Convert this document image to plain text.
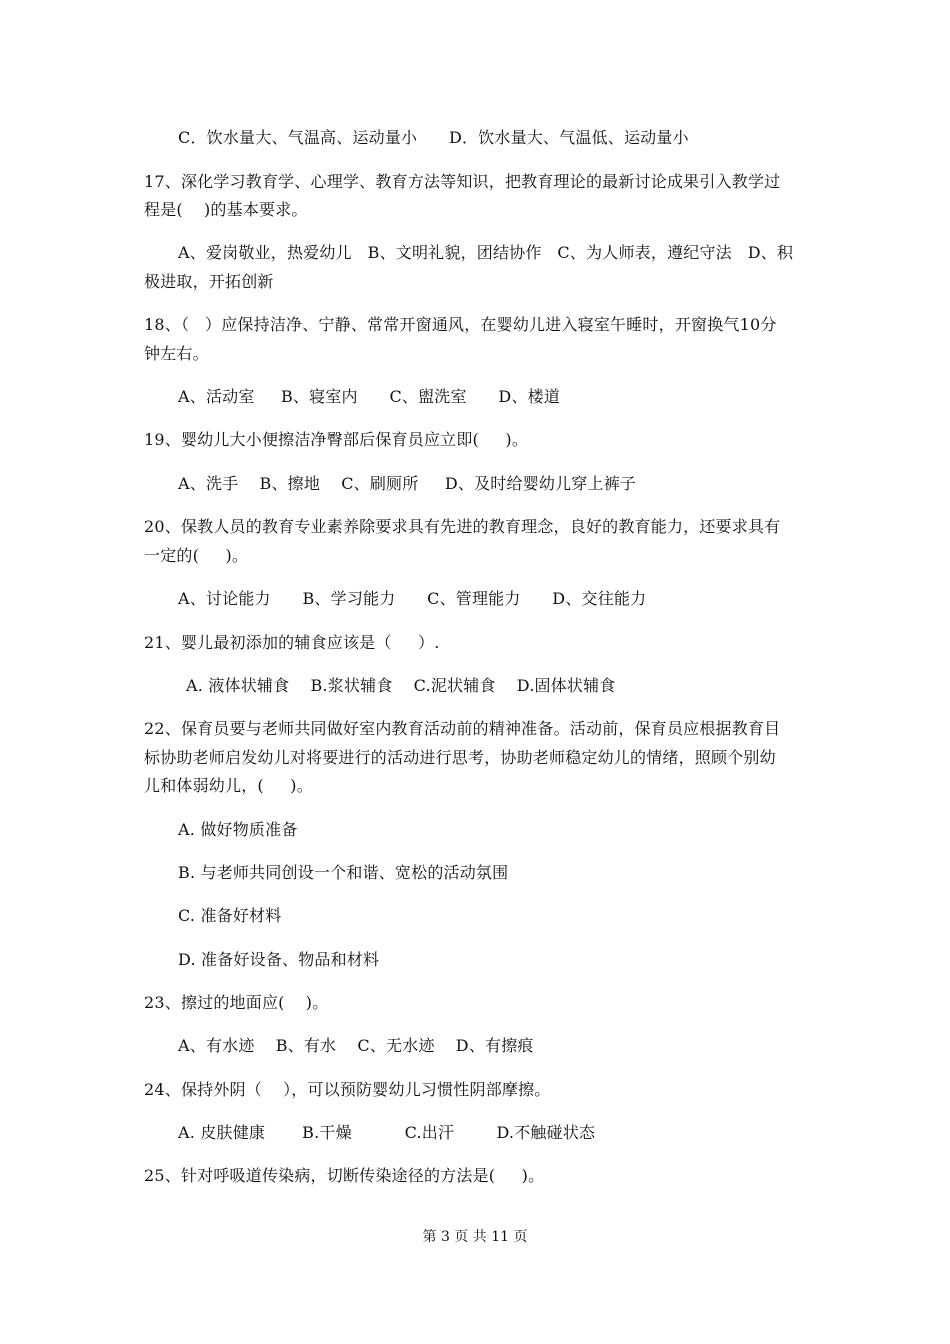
C．饮水量大、气温高、运动量小      D．饮水量大、气温低、运动量小
17、深化学习教育学、心理学、教育方法等知识，把教育理论的最新讨论成果引入教学过
程是(    )的基本要求。
A、爱岗敬业，热爱幼儿   B、文明礼貌，团结协作   C、为人师表，遵纪守法   D、积
极进取，开拓创新
18、（   ）应保持洁净、宁静、常常开窗通风，在婴幼儿进入寝室午睡时，开窗换气10分
钟左右。
A、活动室     B、寝室内      C、盥洗室      D、楼道
19、婴幼儿大小便擦洁净臀部后保育员应立即(     )。
A、洗手    B、擦地    C、刷厕所     D、及时给婴幼儿穿上裤子
20、保教人员的教育专业素养除要求具有先进的教育理念，良好的教育能力，还要求具有
一定的(     )。
A、讨论能力      B、学习能力      C、管理能力      D、交往能力
21、婴儿最初添加的辅食应该是（     ）.
A. 液体状辅食    B.浆状辅食    C.泥状辅食    D.固体状辅食
22、保育员要与老师共同做好室内教育活动前的精神准备。活动前，保育员应根据教育目
标协助老师启发幼儿对将要进行的活动进行思考，协助老师稳定幼儿的情绪，照顾个别幼
儿和体弱幼儿，(     )。
A. 做好物质准备
B. 与老师共同创设一个和谐、宽松的活动氛围
C. 准备好材料
D. 准备好设备、物品和材料
23、擦过的地面应(    )。
A、有水迹    B、有水    C、无水迹    D、有擦痕
24、保持外阴（    ），可以预防婴幼儿习惯性阴部摩擦。
A. 皮肤健康       B.干燥          C.出汗        D.不触碰状态
25、针对呼吸道传染病，切断传染途径的方法是(     )。
第 3 页 共 11 页
